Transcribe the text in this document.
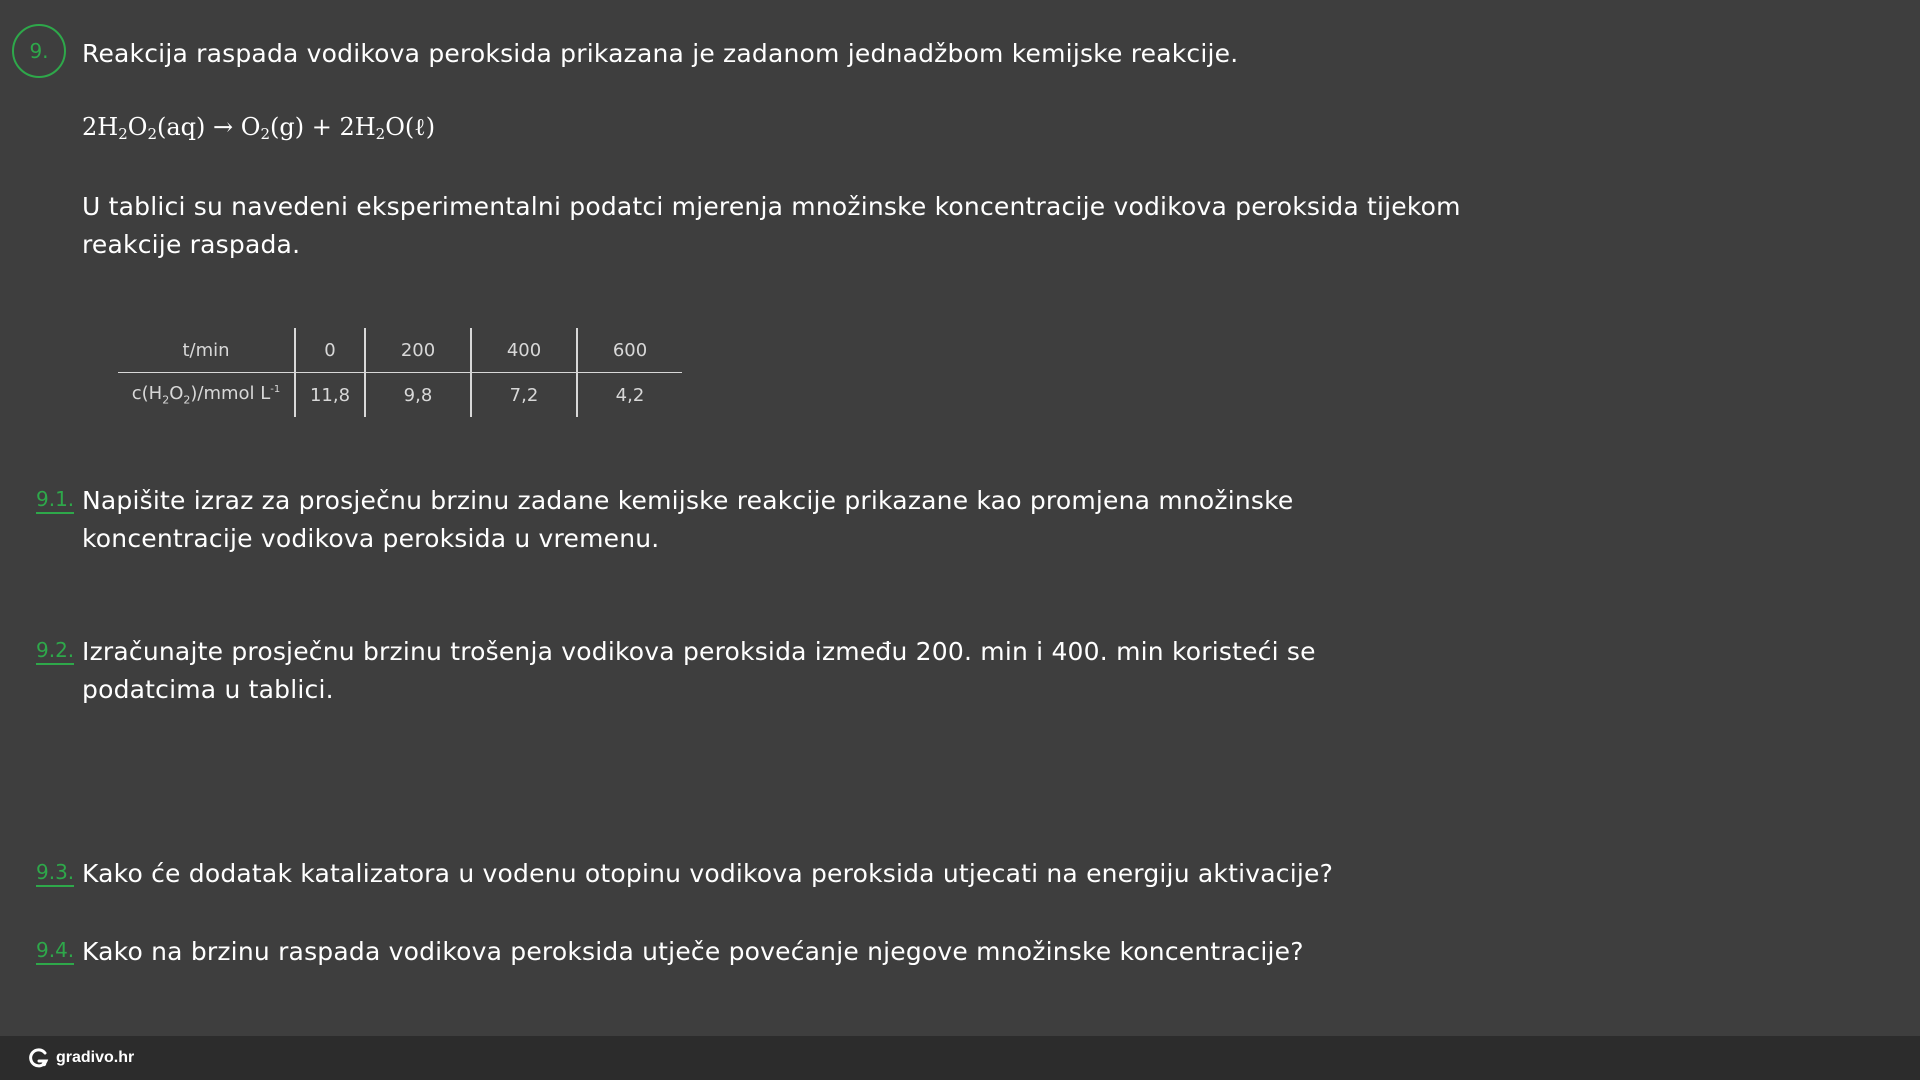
9. Reakcija raspada vodikova peroksida prikazana je zadanom jednadžbom kemijske reakcije.
$2H_2O_2(aq) \to O_2(g)$ + $2H_2O(\ell)$
U tablici su navedeni eksperimentalni podatci mjerenja množinske koncentracije vodikova peroksida tijekom
reakcije raspada.
t/min	0	200	400	600
$c(H_2O_2)$/mmol $L^{-1}$	11,8	9,8	7,2	4,2
9.1. Napišite izraz za prosječnu brzinu zadane kemijske reakcije prikazane kao promjena množinske
koncentracije vodikova peroksida u vremenu.
9.2. Izračunajte prosječnu brzinu trošenja vodikova peroksida između 200. min i 400. min koristeći se
podatcima u tablici.
9.3. Kako će dodatak katalizatora u vodenu otopinu vodikova peroksida utjecati na energiju aktivacije?
9.4. Kako na brzinu raspada vodikova peroksida utječe povećanje njegove množinske koncentracije?
gradivo.hr
